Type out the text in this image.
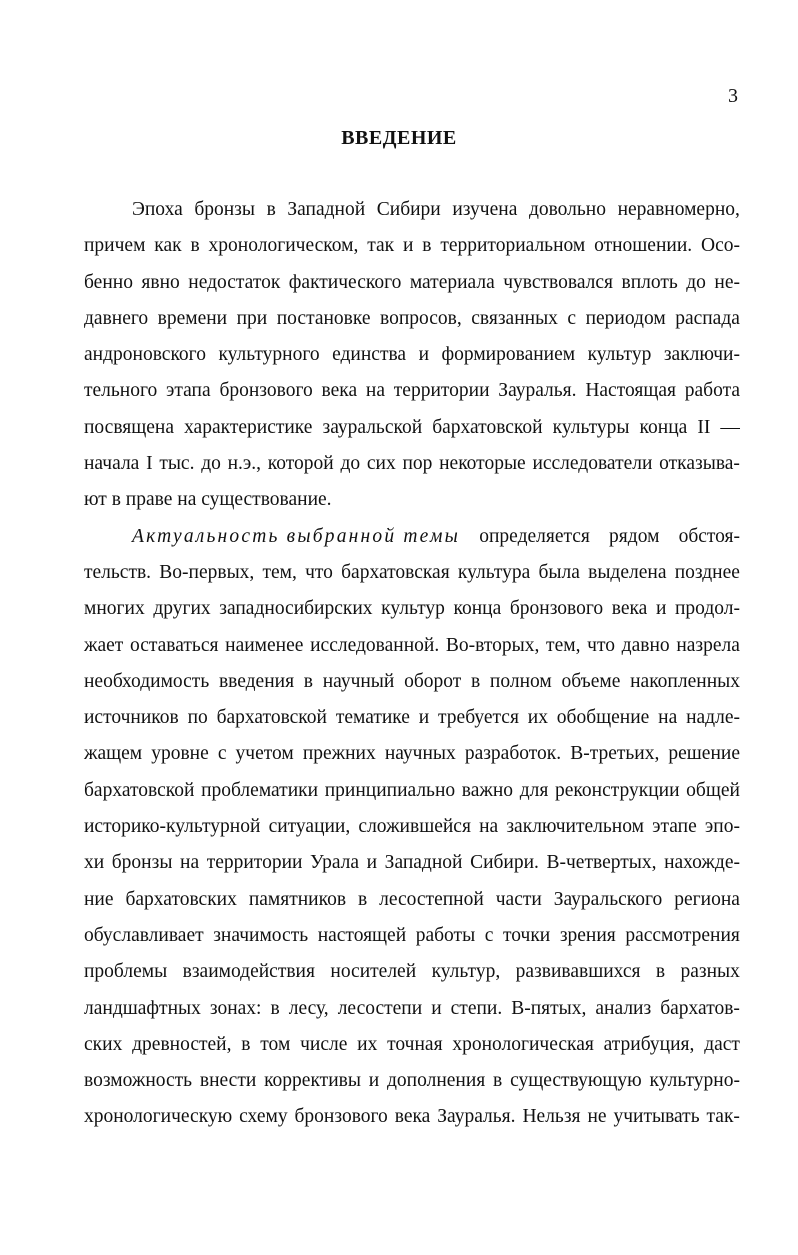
3
ВВЕДЕНИЕ
Эпоха бронзы в Западной Сибири изучена довольно неравномерно,
причем как в хронологическом, так и в территориальном отношении. Осо-
бенно явно недостаток фактического материала чувствовался вплоть до не-
давнего времени при постановке вопросов, связанных с периодом распада
андроновского культурного единства и формированием культур заключи-
тельного этапа бронзового века на территории Зауралья. Настоящая работа
посвящена характеристике зауральской бархатовской культуры конца II —
начала I тыс. до н.э., которой до сих пор некоторые исследователи отказыва-
ют в праве на существование.
Актуальность выбранной темы определяется рядом обстоя-
тельств. Во-первых, тем, что бархатовская культура была выделена позднее
многих других западносибирских культур конца бронзового века и продол-
жает оставаться наименее исследованной. Во-вторых, тем, что давно назрела
необходимость введения в научный оборот в полном объеме накопленных
источников по бархатовской тематике и требуется их обобщение на надле-
жащем уровне с учетом прежних научных разработок. В-третьих, решение
бархатовской проблематики принципиально важно для реконструкции общей
историко-культурной ситуации, сложившейся на заключительном этапе эпо-
хи бронзы на территории Урала и Западной Сибири. В-четвертых, нахожде-
ние бархатовских памятников в лесостепной части Зауральского региона
обуславливает значимость настоящей работы с точки зрения рассмотрения
проблемы взаимодействия носителей культур, развивавшихся в разных
ландшафтных зонах: в лесу, лесостепи и степи. В-пятых, анализ бархатов-
ских древностей, в том числе их точная хронологическая атрибуция, даст
возможность внести коррективы и дополнения в существующую культурно-
хронологическую схему бронзового века Зауралья. Нельзя не учитывать так-
